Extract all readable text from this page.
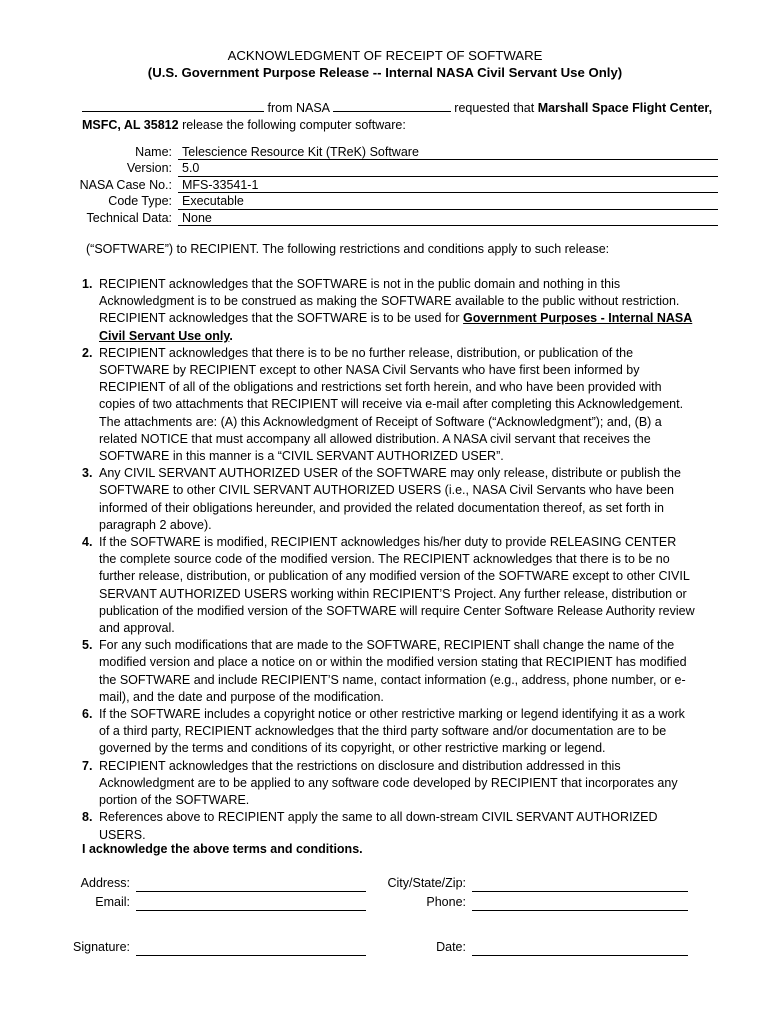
ACKNOWLEDGMENT OF RECEIPT OF SOFTWARE
(U.S. Government Purpose Release -- Internal NASA Civil Servant Use Only)
from NASA	requested that Marshall Space Flight Center,
MSFC, AL 35812 release the following computer software:
Name: Telescience Resource Kit (TReK) Software
Version: 5.0
NASA Case No.: MFS-33541-1
Code Type: Executable
Technical Data: None
(“SOFTWARE”) to RECIPIENT. The following restrictions and conditions apply to such release:
1. RECIPIENT acknowledges that the SOFTWARE is not in the public domain and nothing in this Acknowledgment is to be construed as making the SOFTWARE available to the public without restriction. RECIPIENT acknowledges that the SOFTWARE is to be used for Government Purposes - Internal NASA Civil Servant Use only.
2. RECIPIENT acknowledges that there is to be no further release, distribution, or publication of the SOFTWARE by RECIPIENT except to other NASA Civil Servants who have first been informed by RECIPIENT of all of the obligations and restrictions set forth herein, and who have been provided with copies of two attachments that RECIPIENT will receive via e-mail after completing this Acknowledgement. The attachments are: (A) this Acknowledgment of Receipt of Software (“Acknowledgment”); and, (B) a related NOTICE that must accompany all allowed distribution. A NASA civil servant that receives the SOFTWARE in this manner is a “CIVIL SERVANT AUTHORIZED USER”.
3. Any CIVIL SERVANT AUTHORIZED USER of the SOFTWARE may only release, distribute or publish the SOFTWARE to other CIVIL SERVANT AUTHORIZED USERS (i.e., NASA Civil Servants who have been informed of their obligations hereunder, and provided the related documentation thereof, as set forth in paragraph 2 above).
4. If the SOFTWARE is modified, RECIPIENT acknowledges his/her duty to provide RELEASING CENTER the complete source code of the modified version. The RECIPIENT acknowledges that there is to be no further release, distribution, or publication of any modified version of the SOFTWARE except to other CIVIL SERVANT AUTHORIZED USERS working within RECIPIENT’S Project. Any further release, distribution or publication of the modified version of the SOFTWARE will require Center Software Release Authority review and approval.
5. For any such modifications that are made to the SOFTWARE, RECIPIENT shall change the name of the modified version and place a notice on or within the modified version stating that RECIPIENT has modified the SOFTWARE and include RECIPIENT’S name, contact information (e.g., address, phone number, or e-mail), and the date and purpose of the modification.
6. If the SOFTWARE includes a copyright notice or other restrictive marking or legend identifying it as a work of a third party, RECIPIENT acknowledges that the third party software and/or documentation are to be governed by the terms and conditions of its copyright, or other restrictive marking or legend.
7. RECIPIENT acknowledges that the restrictions on disclosure and distribution addressed in this Acknowledgment are to be applied to any software code developed by RECIPIENT that incorporates any portion of the SOFTWARE.
8. References above to RECIPIENT apply the same to all down-stream CIVIL SERVANT AUTHORIZED USERS.
I acknowledge the above terms and conditions.
Address:
Email:
City/State/Zip:
Phone:
Signature:	Date:
